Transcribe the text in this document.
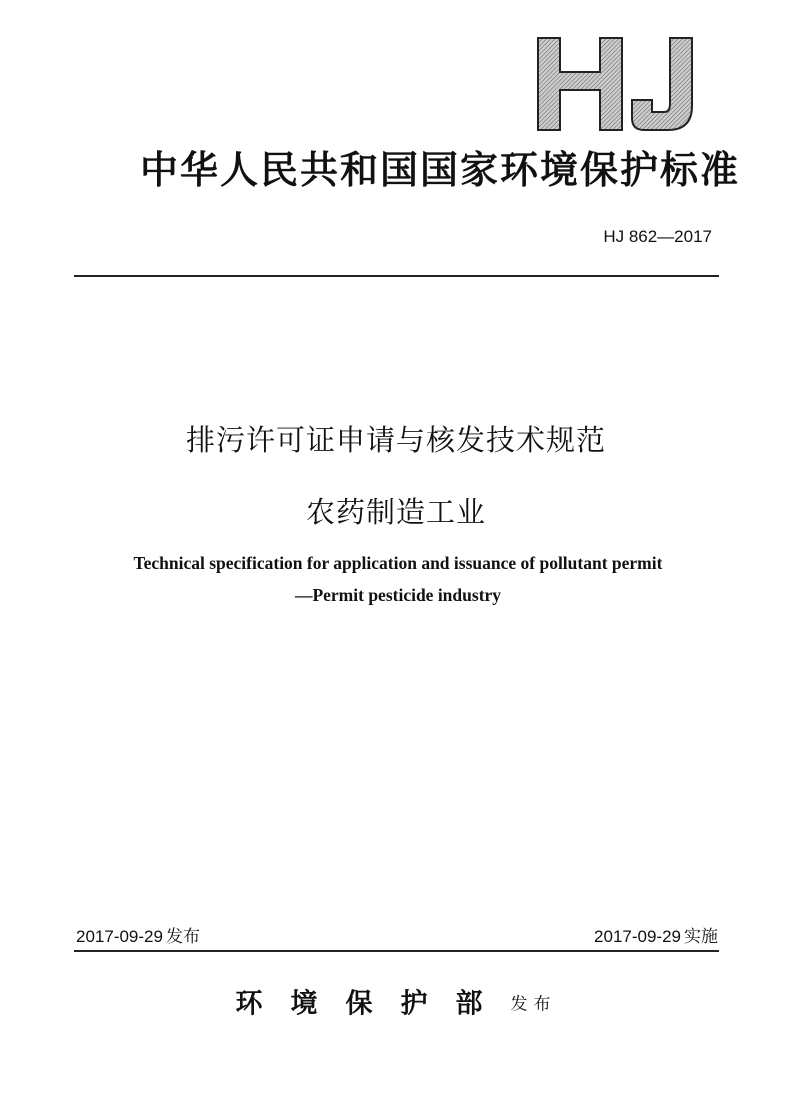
中华人民共和国国家环境保护标准
HJ 862—2017
排污许可证申请与核发技术规范
农药制造工业
Technical specification for application and issuance of pollutant permit
—Permit pesticide industry
2017-09-29 发布	2017-09-29 实施
环境保护部发布
